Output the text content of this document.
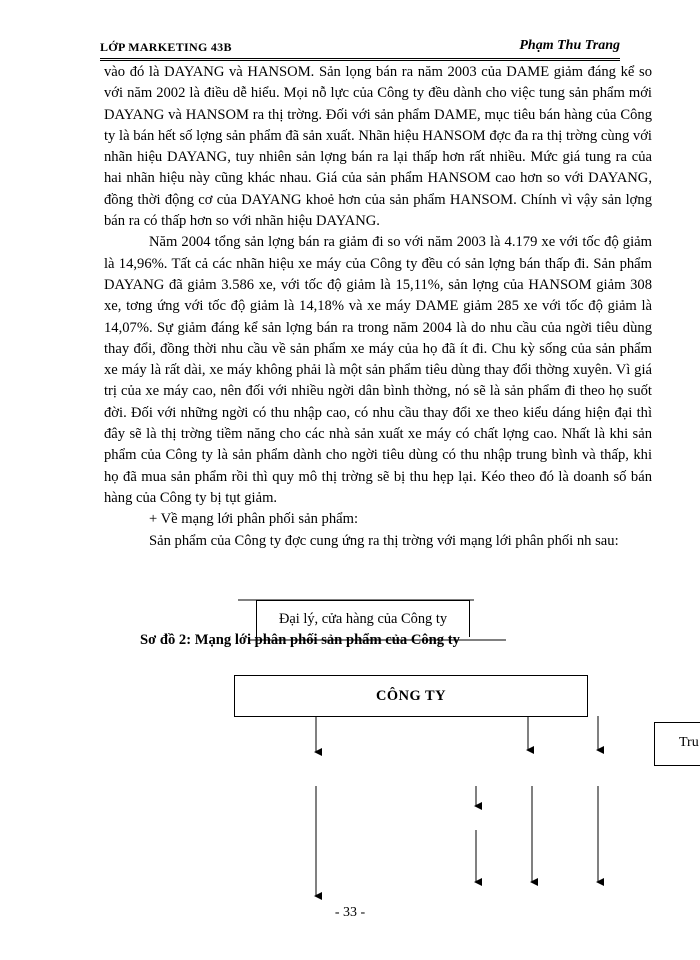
LỚP MARKETING 43B	Phạm Thu Trang

vào đó là DAYANG và HANSOM. Sản lọng bán ra năm 2003 của DAME giảm đáng kể so với năm 2002 là điều dễ hiểu. Mọi nỗ lực của Công ty đều dành cho việc tung sản phẩm mới DAYANG và HANSOM ra thị trờng. Đối với sản phẩm DAME, mục tiêu bán hàng của Công ty là bán hết số lợng sản phẩm đã sản xuất. Nhãn hiệu HANSOM đợc đa ra thị trờng cùng với nhãn hiệu DAYANG, tuy nhiên sản lợng bán ra lại thấp hơn rất nhiều. Mức giá tung ra của hai nhãn hiệu này cũng khác nhau. Giá của sản phẩm HANSOM cao hơn so với DAYANG, đồng thời động cơ của DAYANG khoẻ hơn của sản phẩm HANSOM. Chính vì vậy sản lợng bán ra có thấp hơn so với nhãn hiệu DAYANG.

Năm 2004 tổng sản lợng bán ra giảm đi so với năm 2003 là 4.179 xe với tốc độ giảm là 14,96%. Tất cả các nhãn hiệu xe máy của Công ty đều có sản lợng bán thấp đi. Sản phẩm DAYANG đã giảm 3.586 xe, với tốc độ giảm là 15,11%, sản lợng của HANSOM giảm 308 xe, tơng ứng với tốc độ giảm là 14,18% và xe máy DAME giảm 285 xe với tốc độ giảm là 14,07%. Sự giảm đáng kể sản lợng bán ra trong năm 2004 là do nhu cầu của ngời tiêu dùng thay đổi, đồng thời nhu cầu về sản phẩm xe máy của họ đã ít đi. Chu kỳ sống của sản phẩm xe máy là rất dài, xe máy không phải là một sản phẩm tiêu dùng thay đổi thờng xuyên. Vì giá trị của xe máy cao, nên đối với nhiều ngời dân bình thờng, nó sẽ là sản phẩm đi theo họ suốt đời. Đối với những ngời có thu nhập cao, có nhu cầu thay đổi xe theo kiểu dáng hiện đại thì đây sẽ là thị trờng tiềm năng cho các nhà sản xuất xe máy có chất lợng cao. Nhất là khi sản phẩm của Công ty là sản phẩm dành cho ngời tiêu dùng có thu nhập trung bình và thấp, khi họ đã mua sản phẩm rồi thì quy mô thị trờng sẽ bị thu hẹp lại. Kéo theo đó là doanh số bán hàng của Công ty bị tụt giảm.

+ Về mạng lới phân phối sản phẩm:

Sản phẩm của Công ty đợc cung ứng ra thị trờng với mạng lới phân phối nh sau:

Sơ đồ 2: Mạng lới phân phối sản phẩm của Công ty
Đại lý, cửa hàng của Công ty
CÔNG TY
Tru
- 33 -
